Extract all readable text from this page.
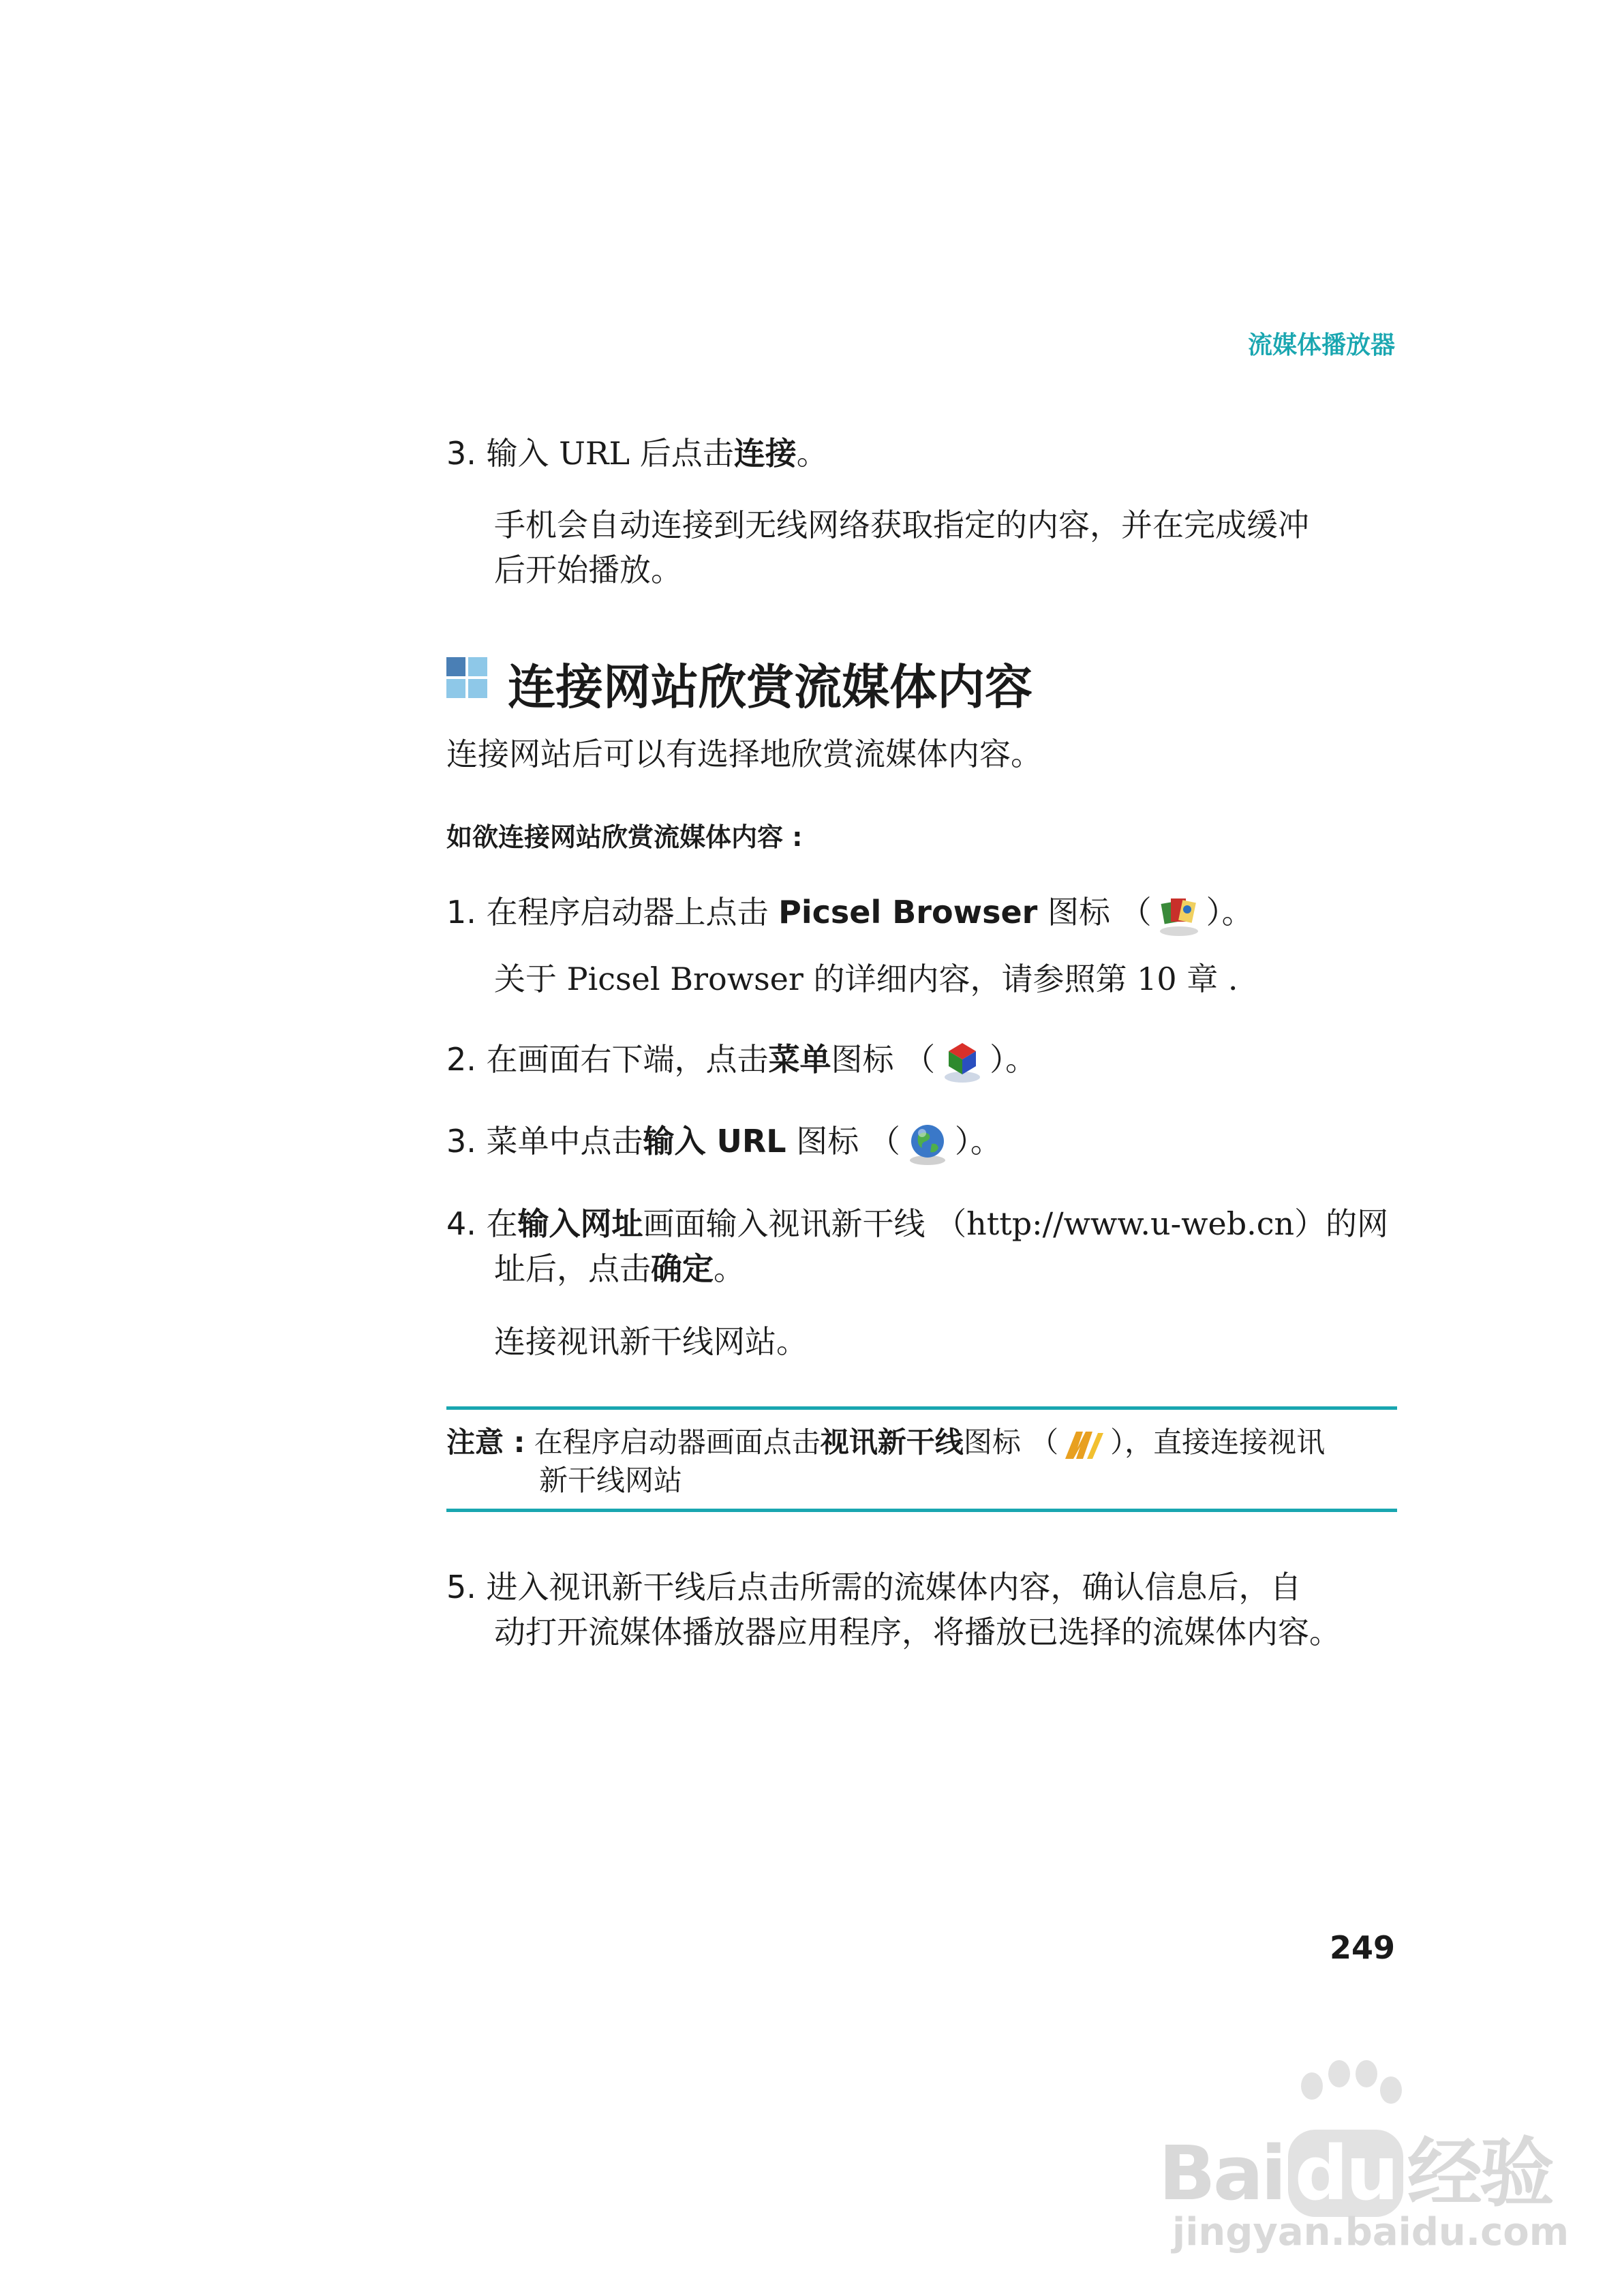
流媒体播放器
3. 输入 URL 后点击连接。
手机会自动连接到无线网络获取指定的内容，并在完成缓冲
后开始播放。
连接网站欣赏流媒体内容
连接网站后可以有选择地欣赏流媒体内容。
如欲连接网站欣赏流媒体内容 :
1. 在程序启动器上点击 Picsel Browser 图标 （ ）。
关于 Picsel Browser 的详细内容，请参照第 10 章 .
2. 在画面右下端，点击菜单图标 （ ）。
3. 菜单中点击输入 URL 图标 （ ）。
4. 在输入网址画面输入视讯新干线 （http://www.u-web.cn）的网
址后，点击确定。
连接视讯新干线网站。
注意 : 在程序启动器画面点击视讯新干线图标 （ ），直接连接视讯
新干线网站
5. 进入视讯新干线后点击所需的流媒体内容，确认信息后，自
动打开流媒体播放器应用程序，将播放已选择的流媒体内容。
249
Bai du 经验
jingyan.baidu.com
